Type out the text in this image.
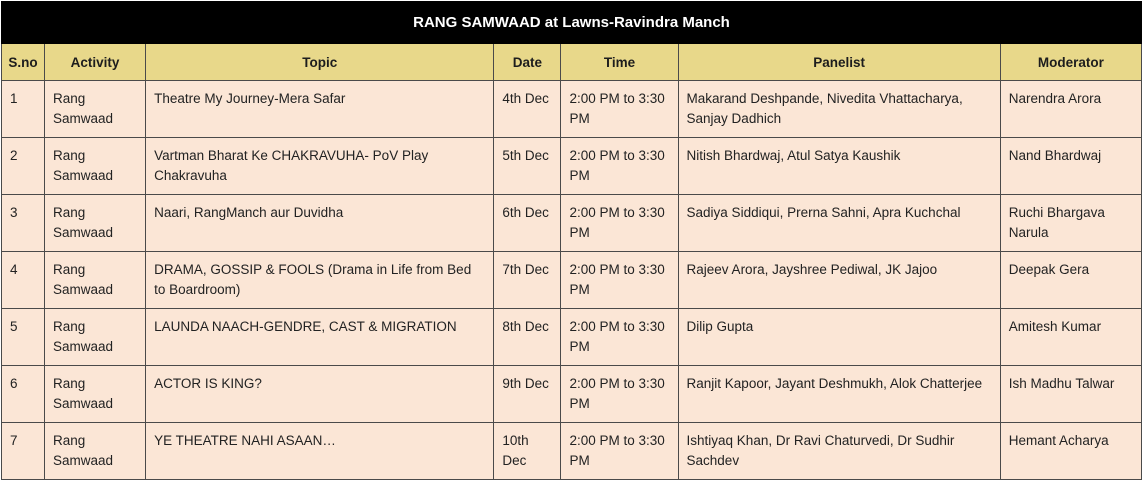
RANG SAMWAAD at Lawns-Ravindra Manch						
S.no	Activity	Topic	Date	Time	Panelist	Moderator
1	Rang Samwaad	Theatre My Journey-Mera Safar	4th Dec	2:00 PM to 3:30 PM	Makarand Deshpande, Nivedita Vhattacharya, Sanjay Dadhich	Narendra Arora
2	Rang Samwaad	Vartman Bharat Ke CHAKRAVUHA- PoV Play Chakravuha	5th Dec	2:00 PM to 3:30 PM	Nitish Bhardwaj, Atul Satya Kaushik	Nand Bhardwaj
3	Rang Samwaad	Naari, RangManch aur Duvidha	6th Dec	2:00 PM to 3:30 PM	Sadiya Siddiqui, Prerna Sahni, Apra Kuchchal	Ruchi Bhargava Narula
4	Rang Samwaad	DRAMA, GOSSIP & FOOLS (Drama in Life from Bed to Boardroom)	7th Dec	2:00 PM to 3:30 PM	Rajeev Arora, Jayshree Pediwal, JK Jajoo	Deepak Gera
5	Rang Samwaad	LAUNDA NAACH-GENDRE, CAST & MIGRATION	8th Dec	2:00 PM to 3:30 PM	Dilip Gupta	Amitesh Kumar
6	Rang Samwaad	ACTOR IS KING?	9th Dec	2:00 PM to 3:30 PM	Ranjit Kapoor, Jayant Deshmukh, Alok Chatterjee	Ish Madhu Talwar
7	Rang Samwaad	YE THEATRE NAHI ASAAN…	10th Dec	2:00 PM to 3:30 PM	Ishtiyaq Khan, Dr Ravi Chaturvedi, Dr Sudhir Sachdev	Hemant Acharya
